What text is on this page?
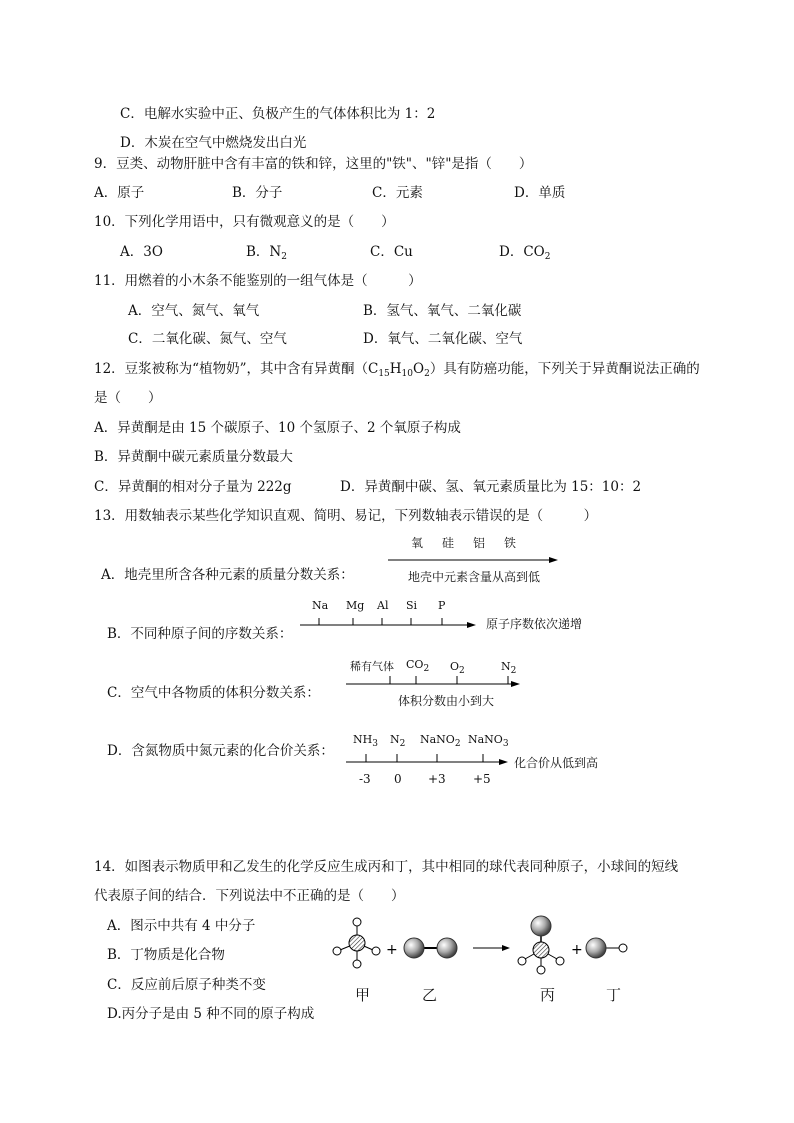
C．电解水实验中正、负极产生的气体体积比为 1：2
D．木炭在空气中燃烧发出白光
9．豆类、动物肝脏中含有丰富的铁和锌，这里的"铁"、"锌"是指（　　）
A．原子	B．分子	C．元素	D．单质
10．下列化学用语中，只有微观意义的是（　　）
A．3O	B．$N_2$	C．Cu	D．$CO_2$
11．用燃着的小木条不能鉴别的一组气体是（　　　）
A．空气、氮气、氧气	B．氢气、氧气、二氧化碳
C．二氧化碳、氮气、空气	D．氧气、二氧化碳、空气
12．豆浆被称为“植物奶”，其中含有异黄酮$(C_{15}H_{10}O_2)$具有防癌功能，下列关于异黄酮说法正确的
是（　　）
A．异黄酮是由 15 个碳原子、10 个氢原子、2 个氧原子构成
B．异黄酮中碳元素质量分数最大
C．异黄酮的相对分子量为 222g	D．异黄酮中碳、氢、氧元素质量比为 15：10：2
13．用数轴表示某些化学知识直观、简明、易记，下列数轴表示错误的是（　　　）
A．地壳里所含各种元素的质量分数关系：
氧 硅 铝 铁
地壳中元素含量从高到低
B．不同种原子间的序数关系：
Na Mg Al Si P
原子序数依次递增
C．空气中各物质的体积分数关系：
稀有气体 $CO_2$ $O_2$	$N_2$
体积分数由小到大
D．含氮物质中氮元素的化合价关系：
$NH_3$ $N_2$ NaNO$_2$ NaNO$_3$
-3 0 +3 +5
化合价从低到高
14．如图表示物质甲和乙发生的化学反应生成丙和丁，其中相同的球代表同种原子，小球间的短线
代表原子间的结合．下列说法中不正确的是（　　）
A．图示中共有 4 中分子
B．丁物质是化合物
C．反应前后原子种类不变
D.丙分子是由 5 种不同的原子构成
+	+
甲	乙	丙	丁
